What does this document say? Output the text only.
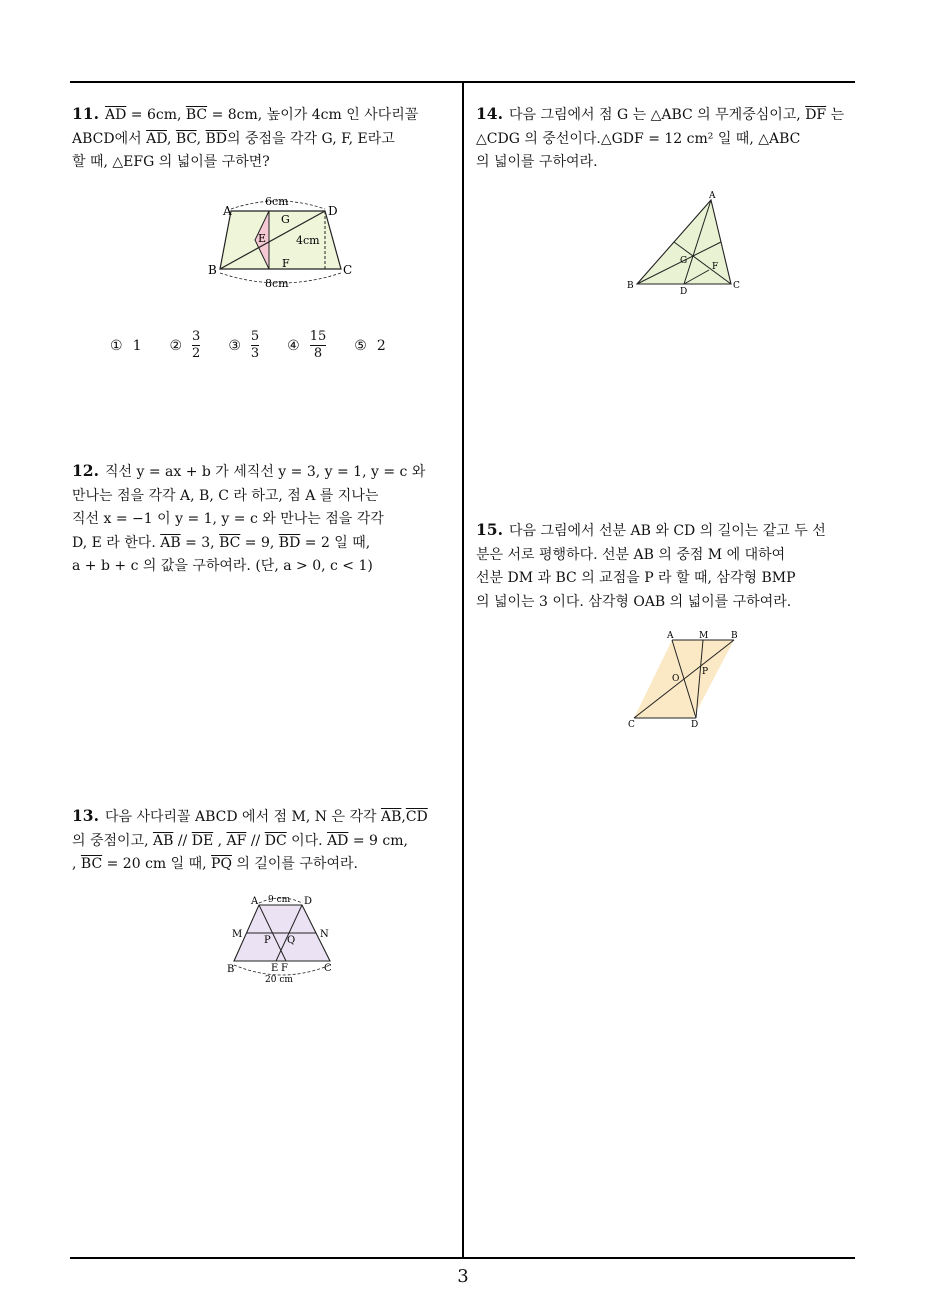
11. $\overline{AD} = 6cm$, $\overline{BC} = 8cm$, 높이가 4cm 인 사다리꼴
ABCD에서 $\overline{AD}$, $\overline{BC}$, $\overline{BD}$의 중점을 각각 G, F, E라고
할 때, △EFG 의 넓이를 구하면?
A	D
B	C
G
E
F
6cm
4cm
8cm
① 1 ② $\frac{3}{2}$ ③ $\frac{5}{3}$ ④ $\frac{15}{8}$ ⑤ 2
12. 직선 y = ax + b 가 세직선 y = 3, y = 1, y = c 와
만나는 점을 각각 A, B, C 라 하고, 점 A 를 지나는
직선 x = −1 이 y = 1, y = c 와 만나는 점을 각각
D, E 라 한다. $\overline{AB} = 3$, $\overline{BC} = 9$, $\overline{BD} = 2$ 일 때,
a + b + c 의 값을 구하여라. (단, a > 0, c < 1)
13. 다음 사다리꼴 ABCD 에서 점 M, N 은 각각 $\overline{AB},\overline{CD}$
의 중점이고, $\overline{AB} // \overline{DE}$ , $\overline{AF} // \overline{DC}$ 이다. $\overline{AD} = 9$ cm,
, $\overline{BC} = 20$ cm 일 때, $\overline{PQ}$ 의 길이를 구하여라.
A	D
M	N
P Q
B	C
E F
9 cm
20 cm
14. 다음 그림에서 점 G 는 △ABC 의 무게중심이고, $\overline{DF}$ 는
△CDG 의 중선이다.△GDF = 12 cm² 일 때, △ABC
의 넓이를 구하여라.
A
B	C
D
G
F
15. 다음 그림에서 선분 AB 와 CD 의 길이는 같고 두 선
분은 서로 평행하다. 선분 AB 의 중점 M 에 대하여
선분 DM 과 BC 의 교점을 P 라 할 때, 삼각형 BMP
의 넓이는 3 이다. 삼각형 OAB 의 넓이를 구하여라.
A	M	B
O
P
C	D
3
